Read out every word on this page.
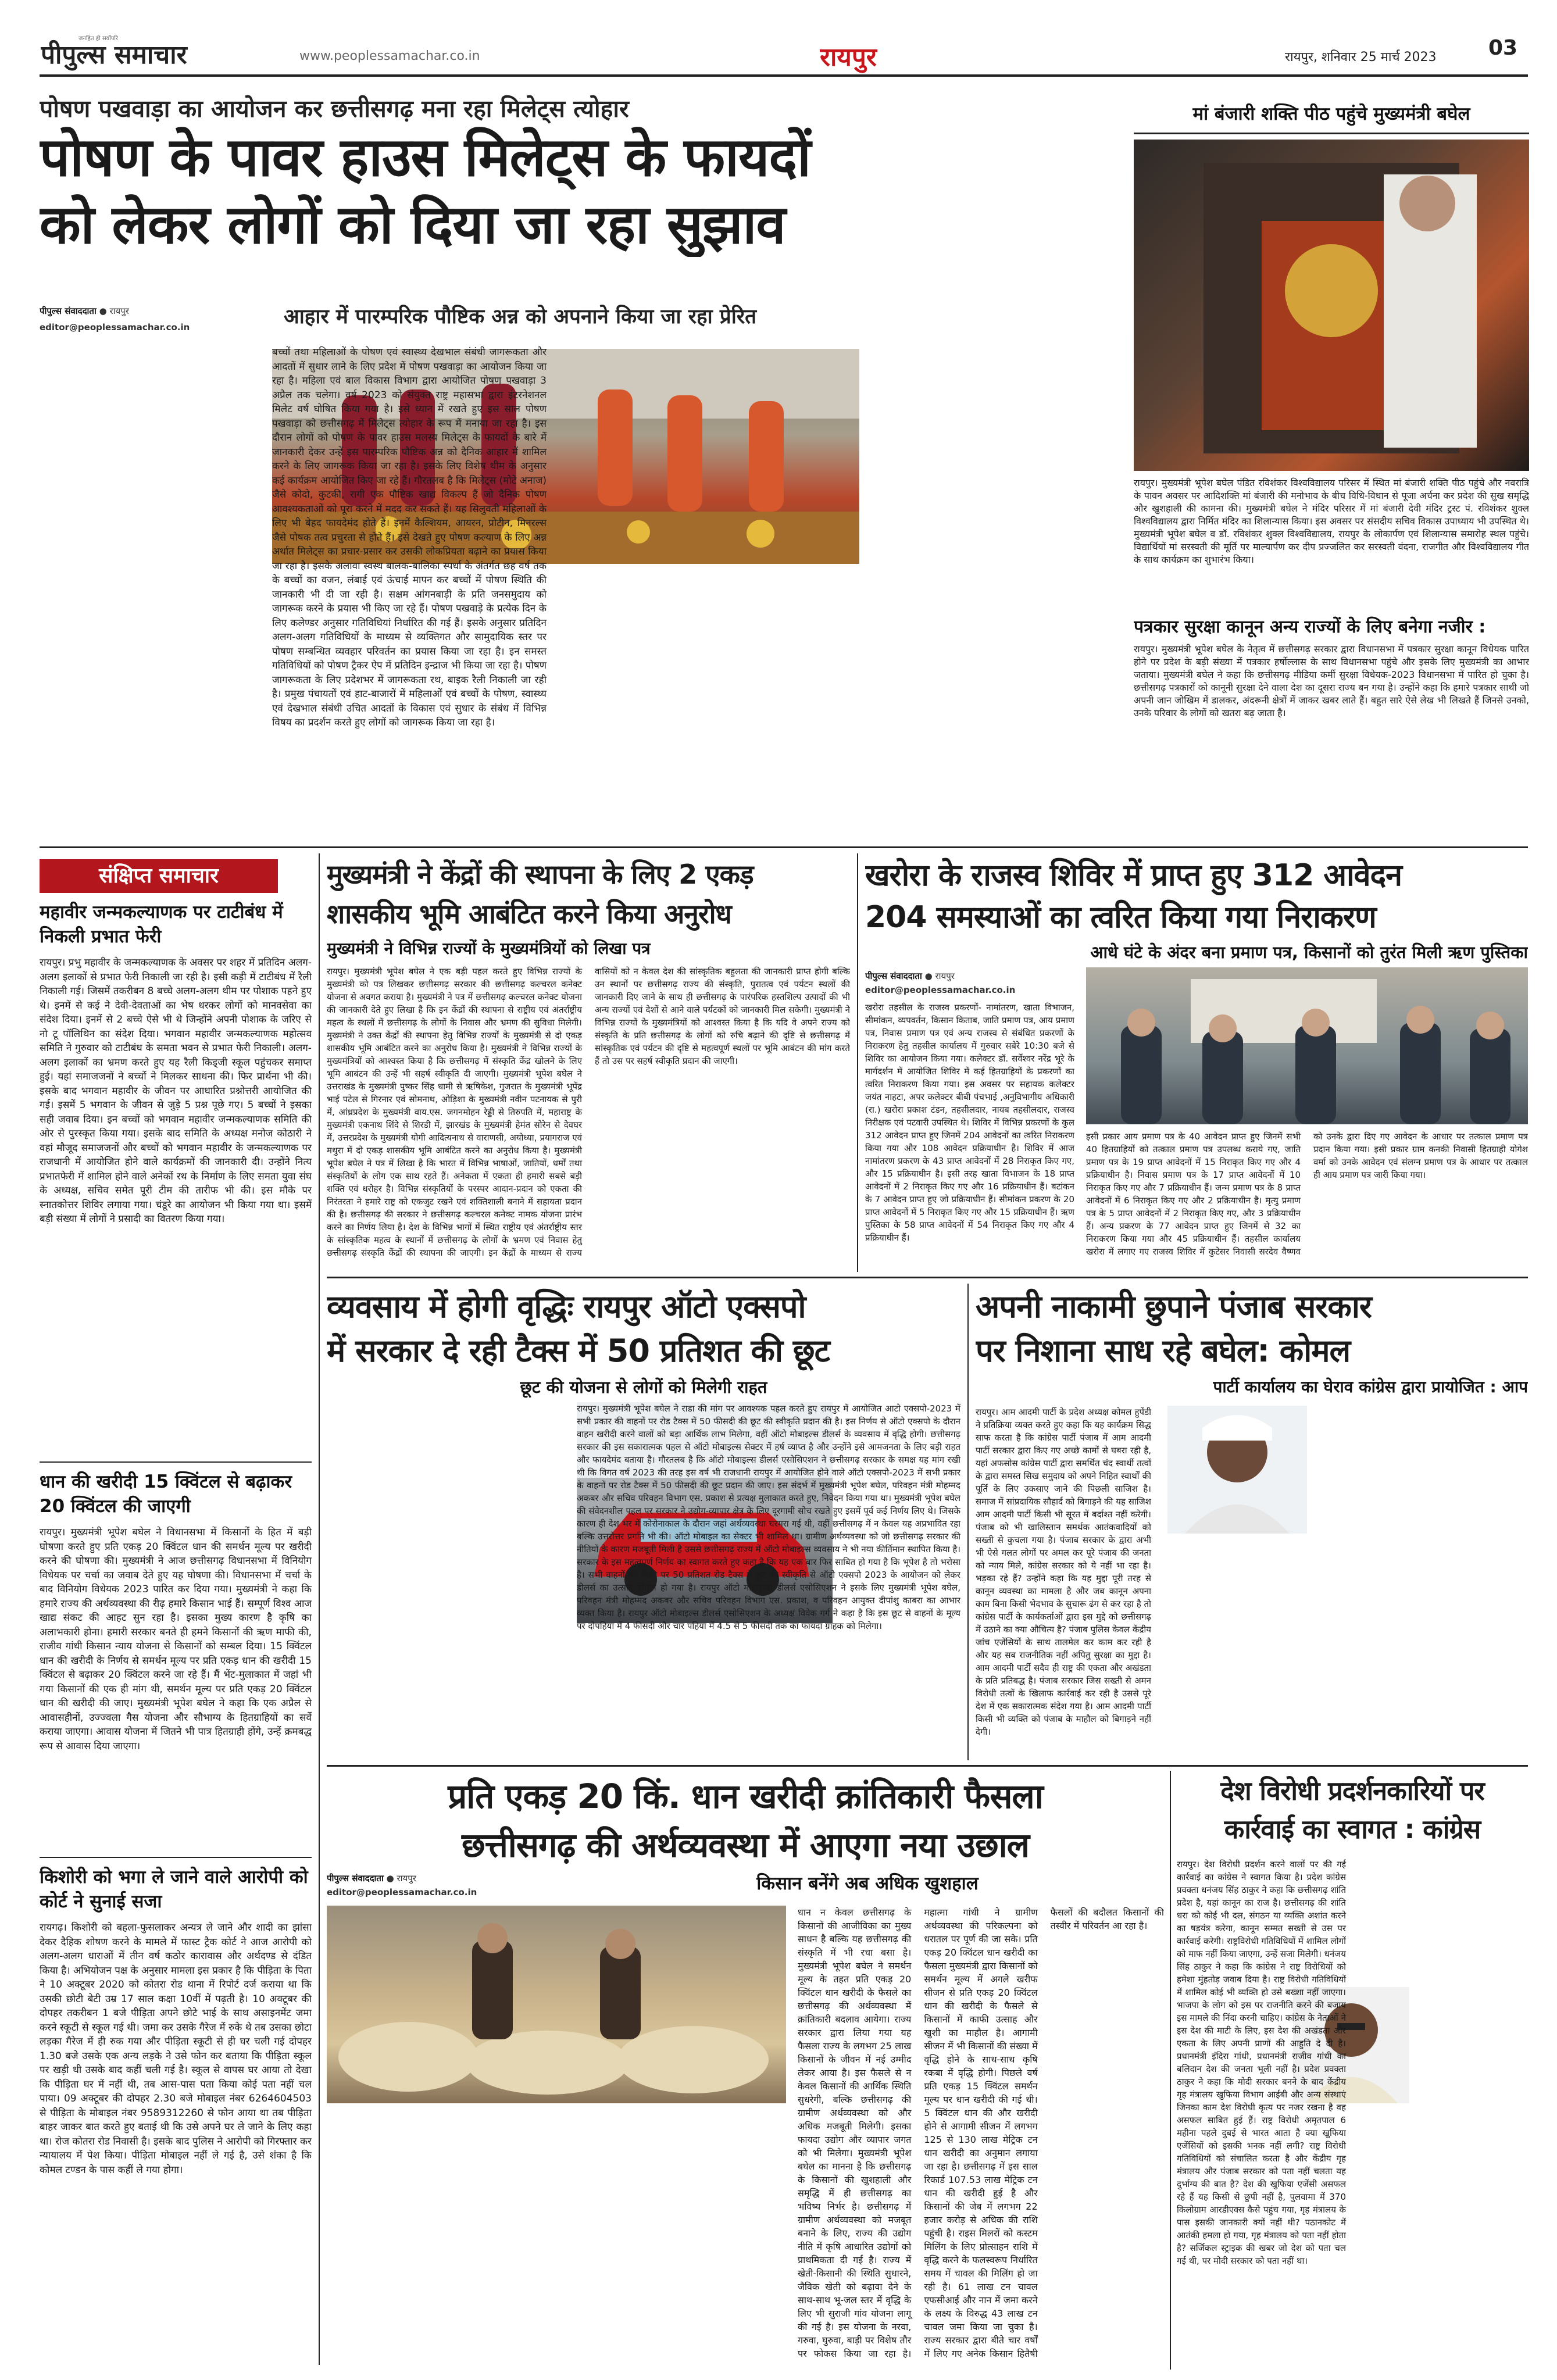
पीपुल्स समाचार
जनहित ही सर्वोपरि
www.peoplessamachar.co.in	रायपुर	रायपुर, शनिवार 25 मार्च 2023	03
पोषण पखवाड़ा का आयोजन कर छत्तीसगढ़ मना रहा मिलेट्स त्योहार
पोषण के पावर हाउस मिलेट्स के फायदों
को लेकर लोगों को दिया जा रहा सुझाव
पीपुल्स संवाददाता ● रायपुर
editor@peoplessamachar.co.in	आहार में पारम्परिक पौष्टिक अन्न को अपनाने किया जा रहा प्रेरित

बच्चों तथा महिलाओं के पोषण एवं स्वास्थ्य देखभाल संबंधी जागरूकता और आदतों में सुधार लाने के लिए प्रदेश में पोषण पखवाड़ा का आयोजन किया जा रहा है। महिला एवं बाल विकास विभाग द्वारा आयोजित पोषण पखवाड़ा 3 अप्रैल तक चलेगा। वर्ष 2023 को संयुक्त राष्ट्र महासभा द्वारा इंटरनेशनल मिलेट वर्ष घोषित किया गया है। इसे ध्यान में रखते हुए इस साल पोषण पखवाड़ा को छत्तीसगढ़ में मिलेट्स त्योहार के रूप में मनाया जा रहा है। इस दौरान लोगों को पोषण के पावर हाउस मलस्य मिलेट्स के फायदों के बारे में जानकारी देकर उन्हें इस पारम्परिक पौष्टिक अन्न को दैनिक आहार में शामिल करने के लिए जागरूक किया जा रहा है। इसके लिए विशेष थीम के अनुसार कई कार्यक्रम आयोजित किए जा रहे हैं। गौरतलब है कि मिलेट्स (मोटे अनाज) जैसे कोदो, कुटकी, रागी एक पौष्टिक खाद्य विकल्प हैं जो दैनिक पोषण आवश्यकताओं को पूरा करने में मदद कर सकते हैं। यह सिलुवती महिलाओं के लिए भी बेहद फायदेमंद होते हैं। इनमें कैल्शियम, आयरन, प्रोटीन, मिनरल्स जैसे पोषक तत्व प्रचुरता से होते हैं। इसे देखते हुए पोषण कल्याण के लिए अन्न अर्थात मिलेट्स का प्रचार-प्रसार कर उसकी लोकप्रियता बढ़ाने का प्रयास किया जा रहा है। इसके अलावा स्वस्थ बालक-बालिका स्पर्धा के अंतर्गत छह वर्ष तक के बच्चों का वजन, लंबाई एवं ऊंचाई मापन कर बच्चों में पोषण स्थिति की जानकारी भी दी जा रही है। सक्षम आंगनबाड़ी के प्रति जनसमुदाय को जागरूक करने के प्रयास भी किए जा रहे हैं। पोषण पखवाड़े के प्रत्येक दिन के लिए कलेण्डर अनुसार गतिविधियां निर्धारित की गई हैं। इसके अनुसार प्रतिदिन अलग-अलग गतिविधियों के माध्यम से व्यक्तिगत और सामुदायिक स्तर पर पोषण सम्बन्धित व्यवहार परिवर्तन का प्रयास किया जा रहा है। इन समस्त गतिविधियों को पोषण ट्रैकर ऐप में प्रतिदिन इन्द्राज भी किया जा रहा है। पोषण जागरूकता के लिए प्रदेशभर में जागरूकता रथ, बाइक रैली निकाली जा रही है। प्रमुख पंचायतों एवं हाट-बाजारों में महिलाओं एवं बच्चों के पोषण, स्वास्थ्य एवं देखभाल संबंधी उचित आदतों के विकास एवं सुधार के संबंध में विभिन्न विषय का प्रदर्शन करते हुए लोगों को जागरूक किया जा रहा है।

मां बंजारी शक्ति पीठ पहुंचे मुख्यमंत्री बघेल
रायपुर। मुख्यमंत्री भूपेश बघेल पंडित रविशंकर विश्वविद्यालय परिसर में स्थित मां बंजारी शक्ति पीठ पहुंचे और नवरात्रि के पावन अवसर पर आदिशक्ति मां बंजारी की मनोभाव के बीच विधि-विधान से पूजा अर्चना कर प्रदेश की सुख समृद्धि और खुशहाली की कामना की। मुख्यमंत्री बघेल ने मंदिर परिसर में मां बंजारी देवी मंदिर ट्रस्ट पं. रविशंकर शुक्ल विश्वविद्यालय द्वारा निर्मित मंदिर का शिलान्यास किया। इस अवसर पर संसदीय सचिव विकास उपाध्याय भी उपस्थित थे। मुख्यमंत्री भूपेश बघेल व डॉ. रविशंकर शुक्ल विश्वविद्यालय, रायपुर के लोकार्पण एवं शिलान्यास समारोह स्थल पहुंचे। विद्यार्थियों मां सरस्वती की मूर्ति पर माल्यार्पण कर दीप प्रज्जलित कर सरस्वती वंदना, राजगीत और विश्वविद्यालय गीत के साथ कार्यक्रम का शुभारंभ किया।
पत्रकार सुरक्षा कानून अन्य राज्यों के लिए बनेगा नजीर :
रायपुर। मुख्यमंत्री भूपेश बघेल के नेतृत्व में छत्तीसगढ़ सरकार द्वारा विधानसभा में पत्रकार सुरक्षा कानून विधेयक पारित होने पर प्रदेश के बड़ी संख्या में पत्रकार हर्षोल्लास के साथ विधानसभा पहुंचे और इसके लिए मुख्यमंत्री का आभार जताया। मुख्यमंत्री बघेल ने कहा कि छत्तीसगढ़ मीडिया कर्मी सुरक्षा विधेयक-2023 विधानसभा में पारित हो चुका है। छत्तीसगढ़ पत्रकारों को कानूनी सुरक्षा देने वाला देश का दूसरा राज्य बन गया है। उन्होंने कहा कि हमारे पत्रकार साथी जो अपनी जान जोखिम में डालकर, अंदरूनी क्षेत्रों में जाकर खबर लाते हैं। बहुत सारे ऐसे लेख भी लिखते हैं जिनसे उनको, उनके परिवार के लोगों को खतरा बढ़ जाता है।
संक्षिप्त समाचार
महावीर जन्मकल्याणक पर टाटीबंध में निकली प्रभात फेरी
रायपुर। प्रभु महावीर के जन्मकल्याणक के अवसर पर शहर में प्रतिदिन अलग-अलग इलाकों से प्रभात फेरी निकाली जा रही है। इसी कड़ी में टाटीबंध में रैली निकाली गई। जिसमें तकरीबन 8 बच्चे अलग-अलग थीम पर पोशाक पहने हुए थे। इनमें से कई ने देवी-देवताओं का भेष धरकर लोगों को मानवसेवा का संदेश दिया। इनमें से 2 बच्चे ऐसे भी थे जिन्होंने अपनी पोशाक के जरिए से नो टू पॉलिथिन का संदेश दिया। भगवान महावीर जन्मकल्याणक महोत्सव समिति ने गुरुवार को टाटीबंध के समता भवन से प्रभात फेरी निकाली। अलग-अलग इलाकों का भ्रमण करते हुए यह रैली किड्जी स्कूल पहुंचकर समाप्त हुई। यहां समाजजनों ने बच्चों ने मिलकर साधना की। फिर प्रार्थना भी की। इसके बाद भगवान महावीर के जीवन पर आधारित प्रश्नोत्तरी आयोजित की गई। इसमें 5 भगवान के जीवन से जुड़े 5 प्रश्न पूछे गए। 5 बच्चों ने इसका सही जवाब दिया। इन बच्चों को भगवान महावीर जन्मकल्याणक समिति की ओर से पुरस्कृत किया गया। इसके बाद समिति के अध्यक्ष मनोज कोठारी ने वहां मौजूद समाजजनों और बच्चों को भगवान महावीर के जन्मकल्याणक पर राजधानी में आयोजित होने वाले कार्यक्रमों की जानकारी दी। उन्होंने नित्य प्रभातफेरी में शामिल होने वाले अनेकों रथ के निर्माण के लिए समता युवा संघ के अध्यक्ष, सचिव समेत पूरी टीम की तारीफ भी की। इस मौके पर स्नातकोत्तर शिविर लगाया गया। चंडूरे का आयोजन भी किया गया था। इसमें बड़ी संख्या में लोगों ने प्रसादी का वितरण किया गया।
धान की खरीदी 15 क्विंटल से बढ़ाकर 20 क्विंटल की जाएगी
रायपुर। मुख्यमंत्री भूपेश बघेल ने विधानसभा में किसानों के हित में बड़ी घोषणा करते हुए प्रति एकड़ 20 क्विंटल धान की समर्थन मूल्य पर खरीदी करने की घोषणा की। मुख्यमंत्री ने आज छत्तीसगढ़ विधानसभा में विनियोग विधेयक पर चर्चा का जवाब देते हुए यह घोषणा की। विधानसभा में चर्चा के बाद विनियोग विधेयक 2023 पारित कर दिया गया। मुख्यमंत्री ने कहा कि हमारे राज्य की अर्थव्यवस्था की रीढ़ हमारे किसान भाई हैं। सम्पूर्ण विश्व आज खाद्य संकट की आहट सुन रहा है। इसका मुख्य कारण है कृषि का अलाभकारी होना। हमारी सरकार बनते ही हमने किसानों की ऋण माफी की, राजीव गांधी किसान न्याय योजना से किसानों को सम्बल दिया। 15 क्विंटल धान की खरीदी के निर्णय से समर्थन मूल्य पर प्रति एकड़ धान की खरीदी 15 क्विंटल से बढ़ाकर 20 क्विंटल करने जा रहे हैं। मैं भेंट-मुलाकात में जहां भी गया किसानों की एक ही मांग थी, समर्थन मूल्य पर प्रति एकड़ 20 क्विंटल धान की खरीदी की जाए। मुख्यमंत्री भूपेश बघेल ने कहा कि एक अप्रैल से आवासहीनों, उज्ज्वला गैस योजना और सौभाग्य के हितग्राहियों का सर्वे कराया जाएगा। आवास योजना में जितने भी पात्र हितग्राही होंगे, उन्हें क्रमबद्ध रूप से आवास दिया जाएगा।
किशोरी को भगा ले जाने वाले आरोपी को कोर्ट ने सुनाई सजा
रायगढ़। किशोरी को बहला-फुसलाकर अन्यत्र ले जाने और शादी का झांसा देकर दैहिक शोषण करने के मामले में फास्ट ट्रैक कोर्ट ने आज आरोपी को अलग-अलग धाराओं में तीन वर्ष कठोर कारावास और अर्थदण्ड से दंडित किया है। अभियोजन पक्ष के अनुसार मामला इस प्रकार है कि पीड़िता के पिता ने 10 अक्टूबर 2020 को कोतरा रोड थाना में रिपोर्ट दर्ज कराया था कि उसकी छोटी बेटी उम्र 17 साल कक्षा 10वीं में पढ़ती है। 10 अक्टूबर की दोपहर तकरीबन 1 बजे पीड़िता अपने छोटे भाई के साथ असाइनमेंट जमा करने स्कूटी से स्कूल गई थी। जमा कर उसके गैरेज में रुके थे तब उसका छोटा लड़का गैरेज में ही रुक गया और पीड़िता स्कूटी से ही घर चली गई दोपहर 1.30 बजे उसके एक अन्य लड़के ने उसे फोन कर बताया कि पीड़िता स्कूल पर खड़ी थी उसके बाद कहीं चली गई है। स्कूल से वापस घर आया तो देखा कि पीड़िता घर में नहीं थी, तब आस-पास पता किया कोई पता नहीं चल पाया। 09 अक्टूबर की दोपहर 2.30 बजे मोबाइल नंबर 6264604503 से पीड़िता के मोबाइल नंबर 9589312260 से फोन आया था तब पीड़िता बाहर जाकर बात करते हुए बताई थी कि उसे अपने घर ले जाने के लिए कहा था। रोज कोतरा रोड निवासी है। इसके बाद पुलिस ने आरोपी को गिरफ्तार कर न्यायालय में पेश किया। पीड़िता मोबाइल नहीं ले गई है, उसे शंका है कि कोमल टण्डन के पास कहीं ले गया होगा।
मुख्यमंत्री ने केंद्रों की स्थापना के लिए 2 एकड़
शासकीय भूमि आबंटित करने किया अनुरोध
मुख्यमंत्री ने विभिन्न राज्यों के मुख्यमंत्रियों को लिखा पत्र
रायपुर। मुख्यमंत्री भूपेश बघेल ने एक बड़ी पहल करते हुए विभिन्न राज्यों के मुख्यमंत्री को पत्र लिखकर छत्तीसगढ़ सरकार की छत्तीसगढ़ कल्चरल कनेक्ट योजना से अवगत कराया है। मुख्यमंत्री ने पत्र में छत्तीसगढ़ कल्चरल कनेक्ट योजना की जानकारी देते हुए लिखा है कि इन केंद्रों की स्थापना से राष्ट्रीय एवं अंतर्राष्ट्रीय महत्व के स्थलों में छत्तीसगढ़ के लोगों के निवास और भ्रमण की सुविधा मिलेगी। मुख्यमंत्री ने उक्त केंद्रों की स्थापना हेतु विभिन्न राज्यों के मुख्यमंत्री से दो एकड़ शासकीय भूमि आबंटित करने का अनुरोध किया है। मुख्यमंत्री ने विभिन्न राज्यों के मुख्यमंत्रियों को आश्वस्त किया है कि छत्तीसगढ़ में संस्कृति केंद्र खोलने के लिए भूमि आबंटन की उन्हें भी सहर्ष स्वीकृति दी जाएगी। मुख्यमंत्री भूपेश बघेल ने उत्तराखंड के मुख्यमंत्री पुष्कर सिंह धामी से ऋषिकेश, गुजरात के मुख्यमंत्री भूपेंद्र भाई पटेल से गिरनार एवं सोमनाथ, ओड़िशा के मुख्यमंत्री नवीन पटनायक से पुरी में, आंध्रप्रदेश के मुख्यमंत्री वाय.एस. जगनमोहन रेड्डी से तिरुपति में, महाराष्ट्र के मुख्यमंत्री एकनाथ शिंदे से शिरडी में, झारखंड के मुख्यमंत्री हेमंत सोरेन से देवघर में, उत्तरप्रदेश के मुख्यमंत्री योगी आदित्यनाथ से वाराणसी, अयोध्या, प्रयागराज एवं मथुरा में दो एकड़ शासकीय भूमि आबंटित करने का अनुरोध किया है। मुख्यमंत्री भूपेश बघेल ने पत्र में लिखा है कि भारत में विभिन्न भाषाओं, जातियों, धर्मों तथा संस्कृतियों के लोग एक साथ रहते हैं। अनेकता में एकता ही हमारी सबसे बड़ी शक्ति एवं धरोहर है। विभिन्न संस्कृतियों के परस्पर आदान-प्रदान को एकता की निरंतरता ने हमारे राष्ट्र को एकजुट रखने एवं शक्तिशाली बनाने में सहायता प्रदान की है। छत्तीसगढ़ की सरकार ने छत्तीसगढ़ कल्चरल कनेक्ट नामक योजना प्रारंभ करने का निर्णय लिया है। देश के विभिन्न भागों में स्थित राष्ट्रीय एवं अंतर्राष्ट्रीय स्तर के सांस्कृतिक महत्व के स्थानों में छत्तीसगढ़ के लोगों के भ्रमण एवं निवास हेतु छत्तीसगढ़ संस्कृति केंद्रों की स्थापना की जाएगी। इन केंद्रों के माध्यम से राज्य वासियों को न केवल देश की सांस्कृतिक बहुलता की जानकारी प्राप्त होगी बल्कि उन स्थानों पर छत्तीसगढ़ राज्य की संस्कृति, पुरातत्व एवं पर्यटन स्थलों की जानकारी दिए जाने के साथ ही छत्तीसगढ़ के पारंपरिक हस्तशिल्प उत्पादों की भी अन्य राज्यों एवं देशों से आने वाले पर्यटकों को जानकारी मिल सकेगी। मुख्यमंत्री ने विभिन्न राज्यों के मुख्यमंत्रियों को आश्वस्त किया है कि यदि वे अपने राज्य को संस्कृति के प्रति छत्तीसगढ़ के लोगों को रुचि बढ़ाने की दृष्टि से छत्तीसगढ़ में सांस्कृतिक एवं पर्यटन की दृष्टि से महत्वपूर्ण स्थलों पर भूमि आबंटन की मांग करते हैं तो उस पर सहर्ष स्वीकृति प्रदान की जाएगी।
खरोरा के राजस्व शिविर में प्राप्त हुए 312 आवेदन
204 समस्याओं का त्वरित किया गया निराकरण
आधे घंटे के अंदर बना प्रमाण पत्र, किसानों को तुरंत मिली ऋण पुस्तिका
पीपुल्स संवाददाता ● रायपुर
editor@peoplessamachar.co.in
खरोरा तहसील के राजस्व प्रकरणों- नामांतरण, खाता विभाजन, सीमांकन, व्यपवर्तन, किसान किताब, जाति प्रमाण पत्र, आय प्रमाण पत्र, निवास प्रमाण पत्र एवं अन्य राजस्व से संबंधित प्रकरणों के निराकरण हेतु तहसील कार्यालय में गुरुवार सबेरे 10:30 बजे से शिविर का आयोजन किया गया। कलेक्टर डॉ. सर्वेश्वर नरेंद्र भूरे के मार्गदर्शन में आयोजित शिविर में कई हितग्राहियों के प्रकरणों का त्वरित निराकरण किया गया। इस अवसर पर सहायक कलेक्टर जयंत नाहटा, अपर कलेक्टर बीबी पंचभाई ,अनुविभागीय अधिकारी (रा.) खरोरा प्रकाश टंडन, तहसीलदार, नायब तहसीलदार, राजस्व निरीक्षक एवं पटवारी उपस्थित थे। शिविर में विभिन्न प्रकरणों के कुल 312 आवेदन प्राप्त हुए जिनमें 204 आवेदनों का त्वरित निराकरण किया गया और 108 आवेदन प्रक्रियाधीन है। शिविर में आज नामांतरण प्रकरण के 43 प्राप्त आवेदनों में 28 निराकृत किए गए, और 15 प्रक्रियाधीन है। इसी तरह खाता विभाजन के 18 प्राप्त आवेदनों में 2 निराकृत किए गए और 16 प्रक्रियाधीन हैं। बटांकन के 7 आवेदन प्राप्त हुए जो प्रक्रियाधीन हैं। सीमांकन प्रकरण के 20 प्राप्त आवेदनों में 5 निराकृत किए गए और 15 प्रक्रियाधीन हैं। ऋण पुस्तिका के 58 प्राप्त आवेदनों में 54 निराकृत किए गए और 4 प्रक्रियाधीन हैं।
इसी प्रकार आय प्रमाण पत्र के 40 आवेदन प्राप्त हुए जिनमें सभी 40 हितग्राहियों को तत्काल प्रमाण पत्र उपलब्ध कराये गए, जाति प्रमाण पत्र के 19 प्राप्त आवेदनों में 15 निराकृत किए गए और 4 प्रक्रियाधीन है। निवास प्रमाण पत्र के 17 प्राप्त आवेदनों में 10 निराकृत किए गए और 7 प्रक्रियाधीन हैं। जन्म प्रमाण पत्र के 8 प्राप्त आवेदनों में 6 निराकृत किए गए और 2 प्रक्रियाधीन है। मृत्यु प्रमाण पत्र के 5 प्राप्त आवेदनों में 2 निराकृत किए गए, और 3 प्रक्रियाधीन हैं। अन्य प्रकरण के 77 आवेदन प्राप्त हुए जिनमें से 32 का निराकरण किया गया और 45 प्रक्रियाधीन हैं। तहसील कार्यालय खरोरा में लगाए गए राजस्व शिविर में कुटेसर निवासी सरदेव वैष्णव को उनके द्वारा दिए गए आवेदन के आधार पर तत्काल प्रमाण पत्र प्रदान किया गया। इसी प्रकार ग्राम कनकी निवासी हितग्राही योगेश वर्मा को उनके आवेदन एवं संलग्न प्रमाण पत्र के आधार पर तत्काल ही आय प्रमाण पत्र जारी किया गया।
व्यवसाय में होगी वृद्धिः रायपुर ऑटो एक्सपो
में सरकार दे रही टैक्स में 50 प्रतिशत की छूट
छूट की योजना से लोगों को मिलेगी राहत
रायपुर। मुख्यमंत्री भूपेश बघेल ने राडा की मांग पर आवश्यक पहल करते हुए रायपुर में आयोजित आटो एक्सपो-2023 में सभी प्रकार की वाहनों पर रोड टैक्स में 50 फीसदी की छूट की स्वीकृति प्रदान की है। इस निर्णय से ऑटो एक्सपो के दौरान वाहन खरीदी करने वालों को बड़ा आर्थिक लाभ मिलेगा, वहीं ऑटो मोबाइल्स डीलर्स के व्यवसाय में वृद्धि होगी। छत्तीसगढ़ सरकार की इस सकारात्मक पहल से ऑटो मोबाइल्स सेक्टर में हर्ष व्याप्त है और उन्होंने इसे आमजनता के लिए बड़ी राहत और फायदेमंद बताया है। गौरतलब है कि ऑटो मोबाइल्स डीलर्स एसोसिएशन ने छत्तीसगढ़ सरकार के समक्ष यह मांग रखी थी कि विगत वर्ष 2023 की तरह इस वर्ष भी राजधानी रायपुर में आयोजित होने वाले ऑटो एक्सपो-2023 में सभी प्रकार के वाहनों पर रोड टैक्स में 50 फीसदी की छूट प्रदान की जाए। इस संदर्भ में मुख्यमंत्री भूपेश बघेल, परिवहन मंत्री मोहम्मद अकबर और सचिव परिवहन विभाग एस. प्रकाश से प्रत्यक्ष मुलाकात करते हुए, निवेदन किया गया था। मुख्यमंत्री भूपेश बघेल की संवेदनशील पहल पर सरकार ने उद्योग-व्यापार क्षेत्र के लिए दूरगामी सोच रखते हुए इसमें पूर्व कई निर्णय लिए थे। जिसके कारण ही देश भर में कोरोनाकाल के दौरान जहां अर्थव्यवस्था चरमरा गई थी, वहीं छत्तीसगढ़ में न केवल यह अप्रभावित रहा बल्कि उत्तरोत्तर प्रगति भी की। ऑटो मोबाइल का सेक्टर भी शामिल था। ग्रामीण अर्थव्यवस्था को जो छत्तीसगढ़ सरकार की नीतियों के कारण मजबूती मिली है उससे छत्तीसगढ़ राज्य में ऑटो मोबाइल्स व्यवसाय ने भी नया कीर्तिमान स्थापित किया है। सरकार के इस महत्वपूर्ण निर्णय का स्वागत करते हुए कहा है कि यह एक बार फिर साबित हो गया है कि भूपेश है तो भरोसा है। सभी वाहनों की बिक्री पर 50 प्रतिशत रोड टैक्स में छूट की स्वीकृति से ऑटो एक्सपो 2023 के आयोजन को लेकर डीलर्स का उत्साह दोगुना हो गया है। रायपुर ऑटो मोबाइल्स डीलर्स एसोसिएशन ने इसके लिए मुख्यमंत्री भूपेश बघेल, परिवहन मंत्री मोहम्मद अकबर और सचिव परिवहन विभाग एस. प्रकाश, व परिवहन आयुक्त दीपांशु काबरा का आभार व्यक्त किया है। रायपुर ऑटो मोबाइल्स डीलर्स एसोसिएशन के अध्यक्ष विवेक गर्ग ने कहा है कि इस छूट से वाहनों के मूल्य पर दोपहिया में 4 फीसदी और चार पहिया में 4.5 से 5 फीसदी तक का फायदा ग्राहक को मिलेगा।
अपनी नाकामी छुपाने पंजाब सरकार
पर निशाना साध रहे बघेल: कोमल
पार्टी कार्यालय का घेराव कांग्रेस द्वारा प्रायोजित : आप
रायपुर। आम आदमी पार्टी के प्रदेश अध्यक्ष कोमल हुपेंडी ने प्रतिक्रिया व्यक्त करते हुए कहा कि यह कार्यक्रम सिद्ध साफ करता है कि कांग्रेस पार्टी पंजाब में आम आदमी पार्टी सरकार द्वारा किए गए अच्छे कामों से घबरा रही है, यहां अफसोस कांग्रेस पार्टी द्वारा समर्थित चंद स्वार्थी तत्वों के द्वारा समस्त सिख समुदाय को अपने निहित स्वार्थों की पूर्ति के लिए उकसाए जाने की पिछली साजिश है। समाज में सांप्रदायिक सौहार्द को बिगाड़ने की यह साजिश आम आदमी पार्टी किसी भी सूरत में बर्दाश्त नहीं करेगी। पंजाब को भी खालिस्तान समर्थक आतंकवादियों को सख्ती से कुचला गया है। पंजाब सरकार के द्वारा अभी भी ऐसे गलत लोगों पर अमल कर पूरे पंजाब की जनता को न्याय मिले, कांग्रेस सरकार को ये नहीं भा रहा है। भड़का रहे हैं? उन्होंने कहा कि यह मुद्दा पूरी तरह से कानून व्यवस्था का मामला है और जब कानून अपना काम बिना किसी भेदभाव के सुचारू ढंग से कर रहा है तो कांग्रेस पार्टी के कार्यकर्ताओं द्वारा इस मुद्दे को छत्तीसगढ़ में उठाने का क्या औचित्य है? पंजाब पुलिस केवल केंद्रीय जांच एजेंसियों के साथ तालमेल कर काम कर रही है और यह सब राजनीतिक नहीं अपितु सुरक्षा का मुद्दा है। आम आदमी पार्टी सदैव ही राष्ट्र की एकता और अखंडता के प्रति प्रतिबद्ध है। पंजाब सरकार जिस सख्ती से अमन विरोधी तत्वों के खिलाफ कार्रवाई कर रही है उससे पूरे देश में एक सकारात्मक संदेश गया है। आम आदमी पार्टी किसी भी व्यक्ति को पंजाब के माहौल को बिगाड़ने नहीं देगी।
प्रति एकड़ 20 किं. धान खरीदी क्रांतिकारी फैसला
छत्तीसगढ़ की अर्थव्यवस्था में आएगा नया उछाल
पीपुल्स संवाददाता ● रायपुर
editor@peoplessamachar.co.in	किसान बनेंगे अब अधिक खुशहाल
धान न केवल छत्तीसगढ़ के किसानों की आजीविका का मुख्य साधन है बल्कि यह छत्तीसगढ़ की संस्कृति में भी रचा बसा है। मुख्यमंत्री भूपेश बघेल ने समर्थन मूल्य के तहत प्रति एकड़ 20 क्विंटल धान खरीदी के फैसले का छत्तीसगढ़ की अर्थव्यवस्था में क्रांतिकारी बदलाव आयेगा। राज्य सरकार द्वारा लिया गया यह फैसला राज्य के लगभग 25 लाख किसानों के जीवन में नई उम्मीद लेकर आया है। इस फैसले से न केवल किसानों की आर्थिक स्थिति सुधरेगी, बल्कि छत्तीसगढ़ की ग्रामीण अर्थव्यवस्था को और अधिक मजबूती मिलेगी। इसका फायदा उद्योग और व्यापार जगत को भी मिलेगा। मुख्यमंत्री भूपेश बघेल का मानना है कि छत्तीसगढ़ के किसानों की खुशहाली और समृद्धि में ही छत्तीसगढ़ का भविष्य निर्भर है। छत्तीसगढ़ में ग्रामीण अर्थव्यवस्था को मजबूत बनाने के लिए, राज्य की उद्योग नीति में कृषि आधारित उद्योगों को प्राथमिकता दी गई है। राज्य में खेती-किसानी की स्थिति सुधारने, जैविक खेती को बढ़ावा देने के साथ-साथ भू-जल स्तर में वृद्धि के लिए भी सुराजी गांव योजना लागू की गई है। इस योजना के नरवा, गरुवा, घुरुवा, बाड़ी पर विशेष तौर पर फोकस किया जा रहा है। महात्मा गांधी ने ग्रामीण अर्थव्यवस्था की परिकल्पना को धरातल पर पूर्ण की जा सके। प्रति एकड़ 20 क्विंटल धान खरीदी का फैसला मुख्यमंत्री द्वारा किसानों को समर्थन मूल्य में अगले खरीफ सीजन से प्रति एकड़ 20 क्विंटल धान की खरीदी के फैसले से किसानों में काफी उत्साह और खुशी का माहौल है। आगामी सीजन में भी किसानों की संख्या में वृद्धि होने के साथ-साथ कृषि रकबा में वृद्धि होगी। पिछले वर्ष प्रति एकड़ 15 क्विंटल समर्थन मूल्य पर धान खरीदी की गई थी। 5 क्विंटल धान की और खरीदी होने से आगामी सीजन में लगभग 125 से 130 लाख मेट्रिक टन धान खरीदी का अनुमान लगाया जा रहा है। छत्तीसगढ़ में इस साल रिकार्ड 107.53 लाख मेट्रिक टन धान की खरीदी हुई है और किसानों की जेब में लगभग 22 हजार करोड़ से अधिक की राशि पहुंची है। राइस मिलरों को कस्टम मिलिंग के लिए प्रोत्साहन राशि में वृद्धि करने के फलस्वरूप निर्धारित समय में चावल की मिलिंग हो जा रही है। 61 लाख टन चावल एफसीआई और नान में जमा करने के लक्ष्य के विरुद्ध 43 लाख टन चावल जमा किया जा चुका है। राज्य सरकार द्वारा बीते चार वर्षों में लिए गए अनेक किसान हितैषी फैसलों की बदौलत किसानों की तस्वीर में परिवर्तन आ रहा है।
देश विरोधी प्रदर्शनकारियों पर
कार्रवाई का स्वागत : कांग्रेस
रायपुर। देश विरोधी प्रदर्शन करने वालों पर की गई कार्रवाई का कांग्रेस ने स्वागत किया है। प्रदेश कांग्रेस प्रवक्ता धनंजय सिंह ठाकुर ने कहा कि छत्तीसगढ़ शांति प्रदेश है, यहां कानून का राज है। छत्तीसगढ़ की शांति धरा को कोई भी दल, संगठन या व्यक्ति अशांत करने का षड़यंत्र करेगा, कानून सम्मत सख्ती से उस पर कार्रवाई करेगी। राष्ट्रविरोधी गतिविधियों में शामिल लोगों को माफ नहीं किया जाएगा, उन्हें सजा मिलेगी। धनंजय सिंह ठाकुर ने कहा कि कांग्रेस ने राष्ट्र विरोधियों को हमेशा मुंहतोड़ जवाब दिया है। राष्ट्र विरोधी गतिविधियों में शामिल कोई भी व्यक्ति हो उसे बख्शा नहीं जाएगा। भाजपा के लोग को इस पर राजनीति करने की बजाय इस मामले की निंदा करनी चाहिए। कांग्रेस के नेताओं ने इस देश की माटी के लिए, इस देश की अखंडता और एकता के लिए अपनी प्राणों की आहुति दे दी है। प्रधानमंत्री इंदिरा गांधी, प्रधानमंत्री राजीव गांधी का बलिदान देश की जनता भूली नहीं है। प्रदेश प्रवक्ता ठाकुर ने कहा कि मोदी सरकार बनने के बाद केंद्रीय गृह मंत्रालय खुफिया विभाग आईबी और अन्य संस्थाएं जिनका काम देश विरोधी कृत्य पर नजर रखना है वह असफल साबित हुई हैं। राष्ट्र विरोधी अमृतपाल 6 महीना पहले दुबई से भारत आता है क्या खुफिया एजेंसियों को इसकी भनक नहीं लगी? राष्ट्र विरोधी गतिविधियों को संचालित करता है और केंद्रीय गृह मंत्रालय और पंजाब सरकार को पता नहीं चलता यह दुर्भाग्य की बात है? देश की खुफिया एजेंसी असफल रहे हैं यह किसी से छुपी नहीं है, पुलवामा में 370 किलोग्राम आरडीएक्स कैसे पहुंच गया, गृह मंत्रालय के पास इसकी जानकारी क्यों नहीं थी? पठानकोट में आतंकी हमला हो गया, गृह मंत्रालय को पता नहीं होता है? सर्जिकल स्ट्राइक की खबर जो देश को पता चल गई थी, पर मोदी सरकार को पता नहीं था।
